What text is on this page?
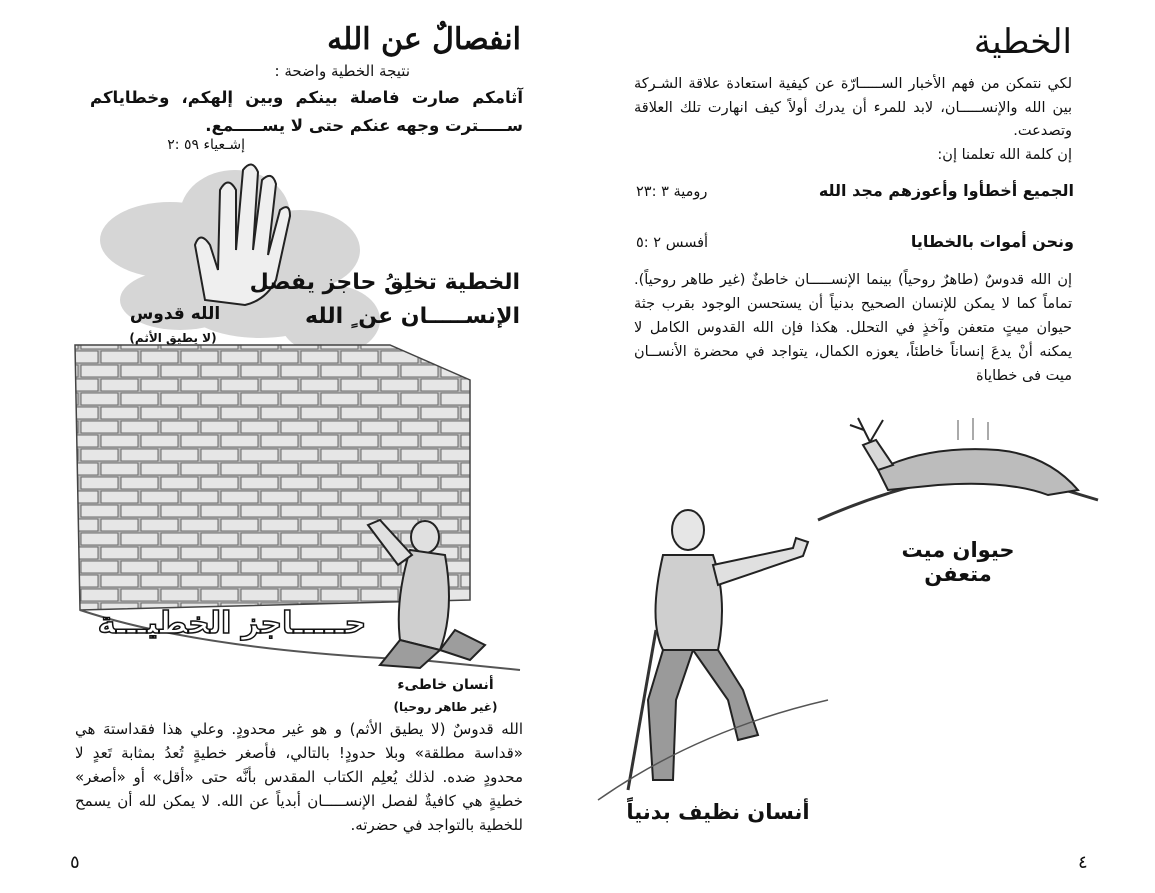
انفصالٌ عن الله
نتيجة الخطية واضحة :
آثامكم صارت فاصلة بينكم وبين إلهكم، وخطاياكم ســـــترت وجهه عنكم حتى لا يســـــمع.
إشـعياء ٥٩ :٢
الخطية تخلِقُ حاجز يفصل
الإنســـــان عن ٍ الله
الله قدوس
(لا يطيق الأثم)
حـــــاجز الخطيـــة
أنسان خاطىء
(غير طاهر روحيا)
الله قدوسٌ (لا يطيق الأثم) و هو غير محدودٍ. وعلي هذا فقداستهَ هي «قداسة مطلقة» وبلا حدودٍ! بالتالي، فأصغر خطيةٍ تُعدُ بمثابة تَعدٍ لا محدودٍ ضده. لذلك يُعلِم الكتاب المقدس بأنَّه حتى «أقل» أو «أصغر» خطيةٍ هي كافيةٌ لفصل الإنســـــان أبدياً عن الله. لا يمكن لله أن يسمح للخطية بالتواجد في حضرته.
٥
الخطية
لكي نتمكن من فهم الأخبار الســـــارّة عن كيفية استعادة علاقة الشـركة بين الله والإنســـــان، لابد للمرء أن يدرك أولاً كيف انهارت تلك العلاقة وتصدعت.
إن كلمة الله تعلمنا إن:
الجميع أخطأوا وأعوزهم مجد الله
رومية ٣ :٢٣
ونحن أموات بالخطايا
أفسس ٢ :٥
إن الله قدوسٌ (طاهرٌ روحياً) بينما الإنســـــان خاطئٌ (غير طاهر روحياً). تماماً كما لا يمكن للإنسان الصحيح بدنياً أن يستحسن الوجود بقرب جثة حيوان ميتٍ متعفن وآخذٍ في التحلل. هكذا فإن الله القدوس الكامل لا يمكنه أنْ يدعَ إنساناً خاطئاً، يعوزه الكمال، يتواجد في محضرة الأنســان ميت فى خطاياة
حيوان ميت متعفن
أنسان نظيف بدنياً
٤
